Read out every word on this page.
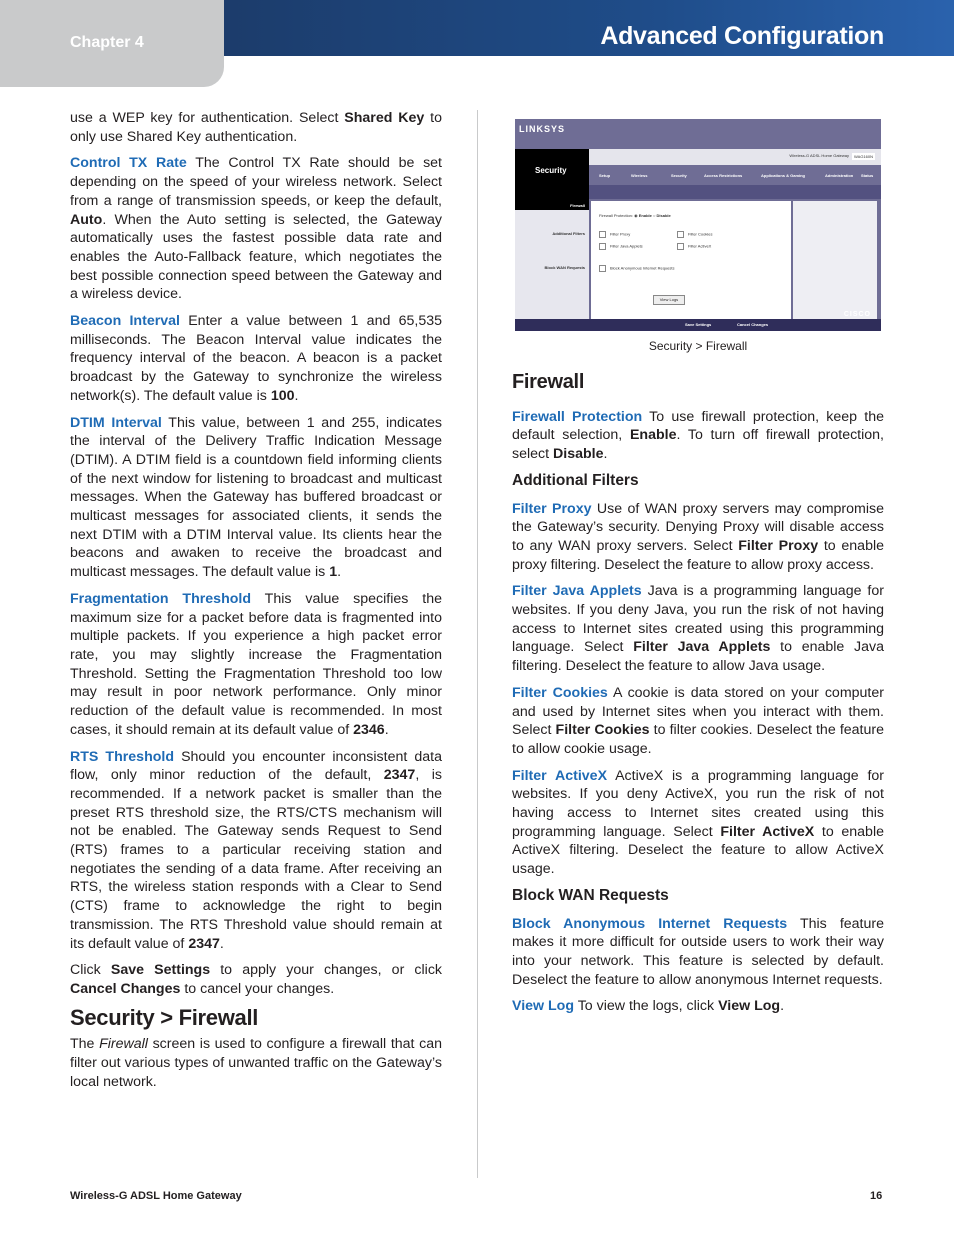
Chapter 4	Advanced Configuration

use a WEP key for authentication. Select Shared Key to only use Shared Key authentication.

Control TX Rate The Control TX Rate should be set depending on the speed of your wireless network. Select from a range of transmission speeds, or keep the default, Auto. When the Auto setting is selected, the Gateway automatically uses the fastest possible data rate and enables the Auto-Fallback feature, which negotiates the best possible connection speed between the Gateway and a wireless device.

Beacon Interval Enter a value between 1 and 65,535 milliseconds. The Beacon Interval value indicates the frequency interval of the beacon. A beacon is a packet broadcast by the Gateway to synchronize the wireless network(s). The default value is 100.

DTIM Interval This value, between 1 and 255, indicates the interval of the Delivery Traffic Indication Message (DTIM). A DTIM field is a countdown field informing clients of the next window for listening to broadcast and multicast messages. When the Gateway has buffered broadcast or multicast messages for associated clients, it sends the next DTIM with a DTIM Interval value. Its clients hear the beacons and awaken to receive the broadcast and multicast messages. The default value is 1.

Fragmentation Threshold This value specifies the maximum size for a packet before data is fragmented into multiple packets. If you experience a high packet error rate, you may slightly increase the Fragmentation Threshold. Setting the Fragmentation Threshold too low may result in poor network performance. Only minor reduction of the default value is recommended. In most cases, it should remain at its default value of 2346.

RTS Threshold Should you encounter inconsistent data flow, only minor reduction of the default, 2347, is recommended. If a network packet is smaller than the preset RTS threshold size, the RTS/CTS mechanism will not be enabled. The Gateway sends Request to Send (RTS) frames to a particular receiving station and negotiates the sending of a data frame. After receiving an RTS, the wireless station responds with a Clear to Send (CTS) frame to acknowledge the right to begin transmission. The RTS Threshold value should remain at its default value of 2347.

Click Save Settings to apply your changes, or click Cancel Changes to cancel your changes.

Security > Firewall

The Firewall screen is used to configure a firewall that can filter out various types of unwanted traffic on the Gateway’s local network.

LINKSYS
Security
Wireless-G ADSL Home Gateway	WAG160N
Setup	Wireless	Security	Access Restrictions	Applications & Gaming	Administration Status
Firewall
Additional Filters
Block WAN Requests
Firewall Protection: ◉ Enable ○ Disable
Filter Proxy	Filter Cookies
Filter Java Applets	Filter ActiveX
Block Anonymous Internet Requests
View Logs
Save Settings	Cancel Changes
CISCO
Security > Firewall
Firewall

Firewall Protection To use firewall protection, keep the default selection, Enable. To turn off firewall protection, select Disable.

Additional Filters

Filter Proxy Use of WAN proxy servers may compromise the Gateway’s security. Denying Proxy will disable access to any WAN proxy servers. Select Filter Proxy to enable proxy filtering. Deselect the feature to allow proxy access.

Filter Java Applets Java is a programming language for websites. If you deny Java, you run the risk of not having access to Internet sites created using this programming language. Select Filter Java Applets to enable Java filtering. Deselect the feature to allow Java usage.

Filter Cookies A cookie is data stored on your computer and used by Internet sites when you interact with them. Select Filter Cookies to filter cookies. Deselect the feature to allow cookie usage.

Filter ActiveX ActiveX is a programming language for websites. If you deny ActiveX, you run the risk of not having access to Internet sites created using this programming language. Select Filter ActiveX to enable ActiveX filtering. Deselect the feature to allow ActiveX usage.

Block WAN Requests

Block Anonymous Internet Requests This feature makes it more difficult for outside users to work their way into your network. This feature is selected by default. Deselect the feature to allow anonymous Internet requests.

View Log To view the logs, click View Log.

Wireless-G ADSL Home Gateway	16
